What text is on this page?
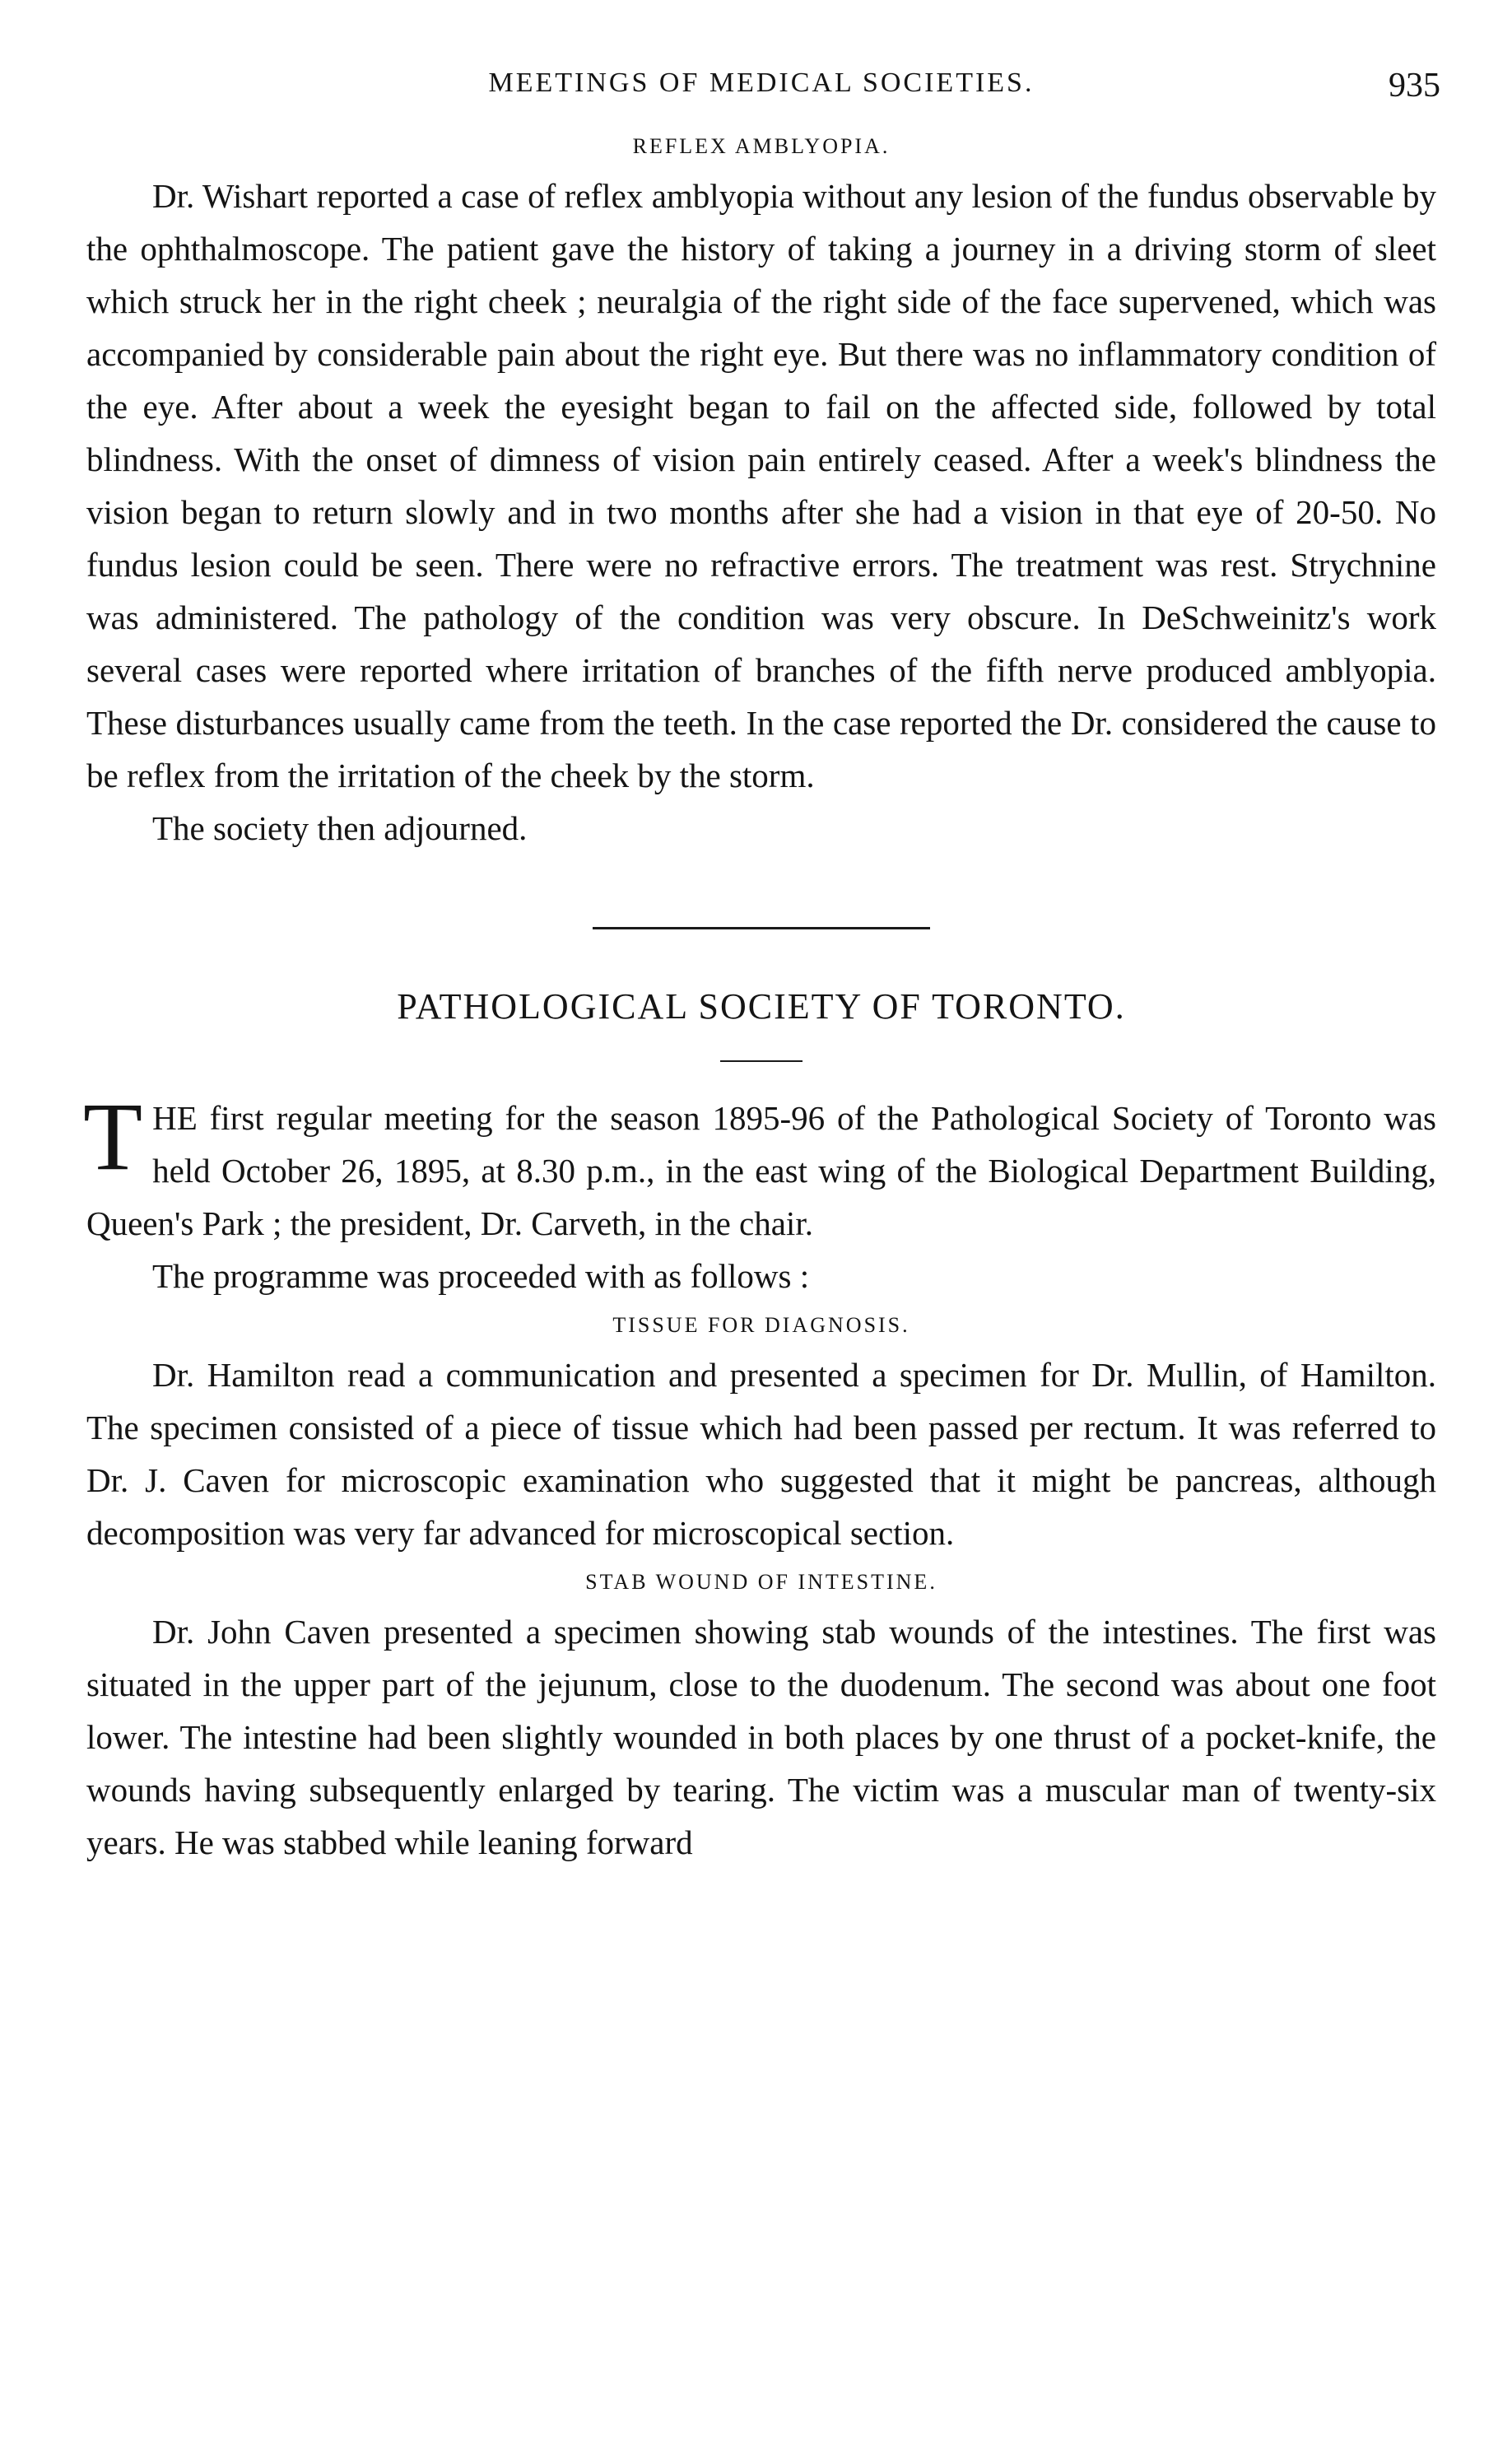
MEETINGS OF MEDICAL SOCIETIES.	935
REFLEX AMBLYOPIA.

Dr. Wishart reported a case of reflex amblyopia without any lesion of the fundus observable by the ophthalmoscope. The patient gave the history of taking a journey in a driving storm of sleet which struck her in the right cheek ; neuralgia of the right side of the face supervened, which was accompanied by considerable pain about the right eye. But there was no inflammatory condition of the eye. After about a week the eyesight began to fail on the affected side, followed by total blindness. With the onset of dimness of vision pain entirely ceased. After a week's blindness the vision began to return slowly and in two months after she had a vision in that eye of 20-50. No fundus lesion could be seen. There were no refractive errors. The treatment was rest. Strychnine was administered. The pathology of the condition was very obscure. In DeSchweinitz's work several cases were reported where irritation of branches of the fifth nerve produced amblyopia. These disturbances usually came from the teeth. In the case reported the Dr. considered the cause to be reflex from the irritation of the cheek by the storm.

The society then adjourned.

PATHOLOGICAL SOCIETY OF TORONTO.

THE first regular meeting for the season 1895-96 of the Pathological Society of Toronto was held October 26, 1895, at 8.30 p.m., in the east wing of the Biological Department Building, Queen's Park ; the president, Dr. Carveth, in the chair.

The programme was proceeded with as follows :

TISSUE FOR DIAGNOSIS.

Dr. Hamilton read a communication and presented a specimen for Dr. Mullin, of Hamilton. The specimen consisted of a piece of tissue which had been passed per rectum. It was referred to Dr. J. Caven for microscopic examination who suggested that it might be pancreas, although decomposition was very far advanced for microscopical section.

STAB WOUND OF INTESTINE.

Dr. John Caven presented a specimen showing stab wounds of the intestines. The first was situated in the upper part of the jejunum, close to the duodenum. The second was about one foot lower. The intestine had been slightly wounded in both places by one thrust of a pocket-knife, the wounds having subsequently enlarged by tearing. The victim was a muscular man of twenty-six years. He was stabbed while leaning forward
